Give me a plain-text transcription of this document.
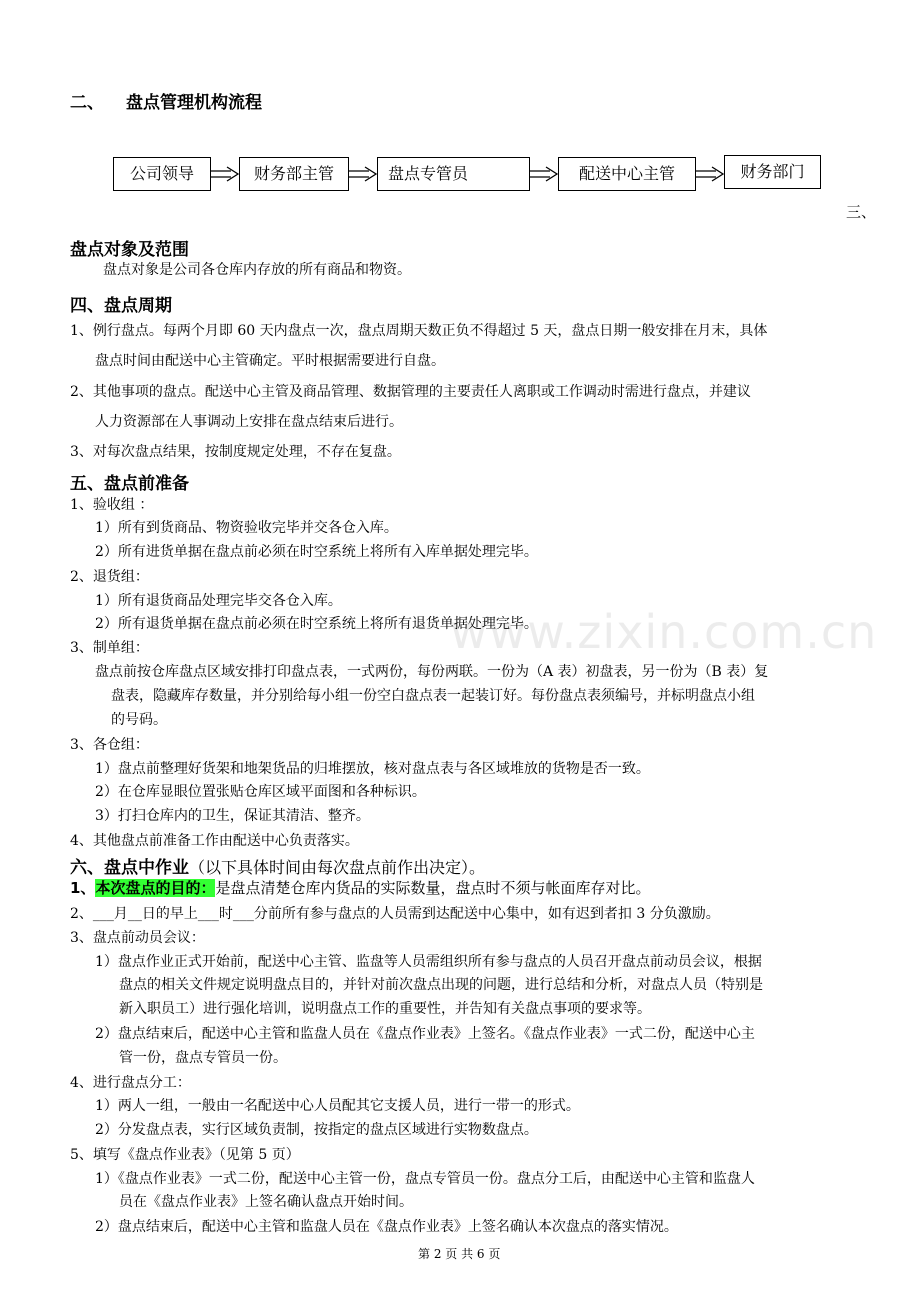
www.zixin.com.cn
二、 盘点管理机构流程
公司领导	财务部主管	盘点专管员	配送中心主管	财务部门
三、
盘点对象及范围
盘点对象是公司各仓库内存放的所有商品和物资。
四、盘点周期
1、例行盘点。每两个月即 60 天内盘点一次，盘点周期天数正负不得超过 5 天，盘点日期一般安排在月末，具体
盘点时间由配送中心主管确定。平时根据需要进行自盘。
2、其他事项的盘点。配送中心主管及商品管理、数据管理的主要责任人离职或工作调动时需进行盘点，并建议
人力资源部在人事调动上安排在盘点结束后进行。
3、对每次盘点结果，按制度规定处理，不存在复盘。
五、盘点前准备
1、验收组 ：
1）所有到货商品、物资验收完毕并交各仓入库。
2）所有进货单据在盘点前必须在时空系统上将所有入库单据处理完毕。
2、退货组：
1）所有退货商品处理完毕交各仓入库。
2）所有退货单据在盘点前必须在时空系统上将所有退货单据处理完毕。
3、制单组：
盘点前按仓库盘点区域安排打印盘点表，一式两份，每份两联。一份为（A 表）初盘表，另一份为（B 表）复
盘表，隐藏库存数量，并分别给每小组一份空白盘点表一起装订好。每份盘点表须编号，并标明盘点小组
的号码。
3、各仓组：
1）盘点前整理好货架和地架货品的归堆摆放，核对盘点表与各区域堆放的货物是否一致。
2）在仓库显眼位置张贴仓库区域平面图和各种标识。
3）打扫仓库内的卫生，保证其清洁、整齐。
4、其他盘点前准备工作由配送中心负责落实。
六、盘点中作业（以下具体时间由每次盘点前作出决定）。
1、本次盘点的目的：是盘点清楚仓库内货品的实际数量，盘点时不须与帐面库存对比。
2、___月__日的早上___时___分前所有参与盘点的人员需到达配送中心集中，如有迟到者扣 3 分负激励。
3、盘点前动员会议：
1）盘点作业正式开始前，配送中心主管、监盘等人员需组织所有参与盘点的人员召开盘点前动员会议，根据
盘点的相关文件规定说明盘点目的，并针对前次盘点出现的问题，进行总结和分析，对盘点人员（特别是
新入职员工）进行强化培训，说明盘点工作的重要性，并告知有关盘点事项的要求等。
2）盘点结束后，配送中心主管和监盘人员在《盘点作业表》上签名。《盘点作业表》一式二份，配送中心主
管一份，盘点专管员一份。
4、进行盘点分工：
1）两人一组，一般由一名配送中心人员配其它支援人员，进行一带一的形式。
2）分发盘点表，实行区域负责制，按指定的盘点区域进行实物数盘点。
5、填写《盘点作业表》（见第 5 页）
1）《盘点作业表》一式二份，配送中心主管一份，盘点专管员一份。盘点分工后，由配送中心主管和监盘人
员在《盘点作业表》上签名确认盘点开始时间。
2）盘点结束后，配送中心主管和监盘人员在《盘点作业表》上签名确认本次盘点的落实情况。
第 2 页 共 6 页
